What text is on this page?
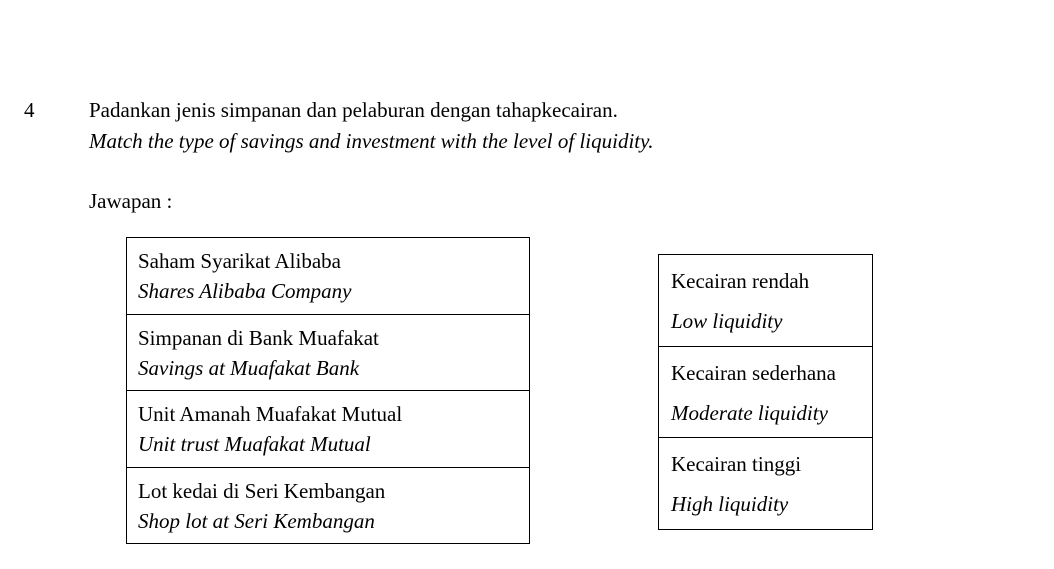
4	Padankan jenis simpanan dan pelaburan dengan tahapkecairan.
Match the type of savings and investment with the level of liquidity.
Jawapan :
Saham Syarikat Alibaba
Shares Alibaba Company

Simpanan di Bank Muafakat
Savings at Muafakat Bank

Unit Amanah Muafakat Mutual
Unit trust Muafakat Mutual

Lot kedai di Seri Kembangan
Shop lot at Seri Kembangan
Kecairan rendah
Low liquidity

Kecairan sederhana
Moderate liquidity

Kecairan tinggi
High liquidity
